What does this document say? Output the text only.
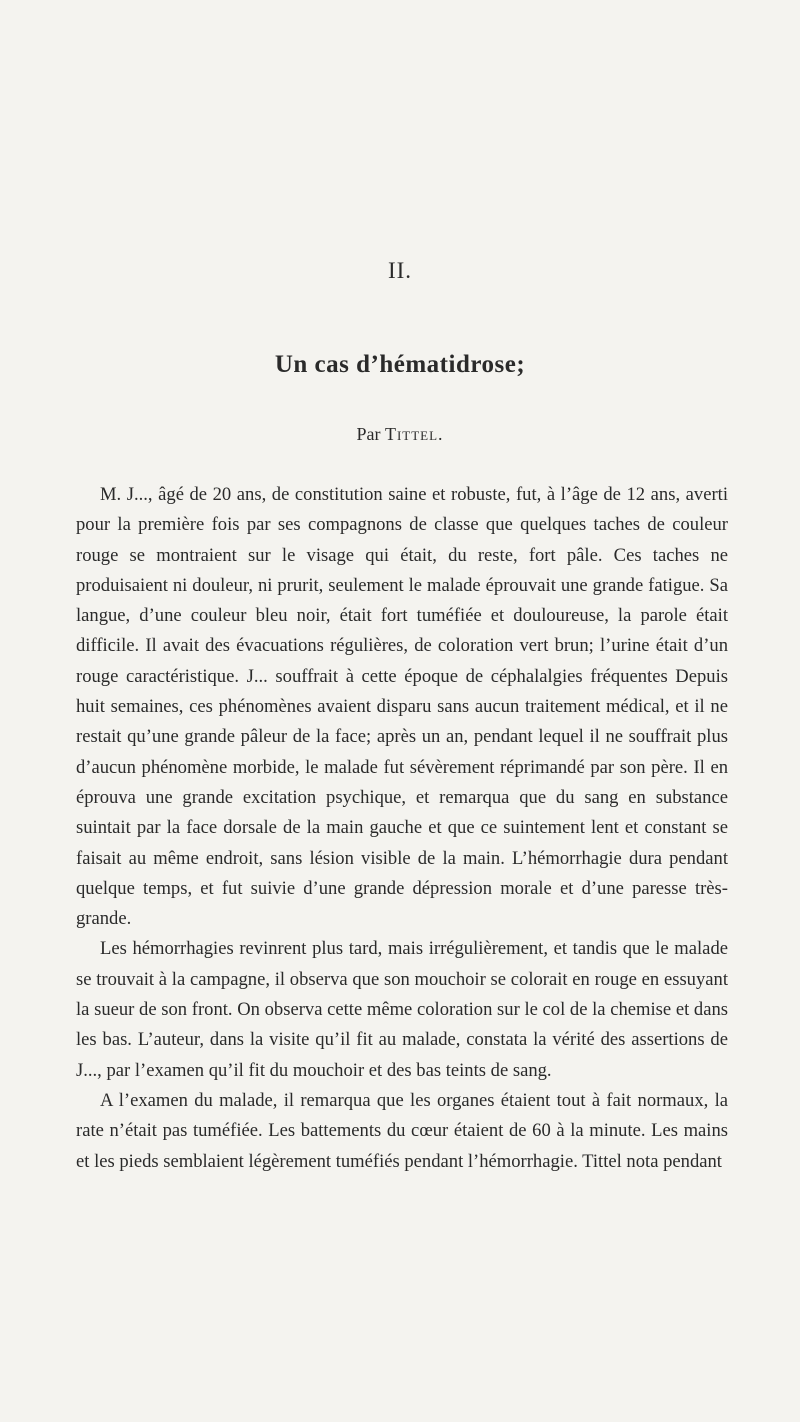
II.
Un cas d’hématidrose;
Par Tittel.

M. J..., âgé de 20 ans, de constitution saine et robuste, fut, à l’âge de 12 ans, averti pour la première fois par ses compagnons de classe que quelques taches de couleur rouge se montraient sur le visage qui était, du reste, fort pâle. Ces taches ne produisaient ni douleur, ni prurit, seulement le malade éprouvait une grande fatigue. Sa langue, d’une couleur bleu noir, était fort tuméfiée et douloureuse, la parole était difficile. Il avait des évacuations régulières, de coloration vert brun; l’urine était d’un rouge caractéristique. J... souffrait à cette époque de céphalalgies fréquentes Depuis huit semaines, ces phénomènes avaient disparu sans aucun traitement médical, et il ne restait qu’une grande pâleur de la face; après un an, pendant lequel il ne souffrait plus d’aucun phénomène morbide, le malade fut sévèrement réprimandé par son père. Il en éprouva une grande excitation psychique, et remarqua que du sang en substance suintait par la face dorsale de la main gauche et que ce suintement lent et constant se faisait au même endroit, sans lésion visible de la main. L’hémorrhagie dura pendant quelque temps, et fut suivie d’une grande dépression morale et d’une paresse très-grande.

Les hémorrhagies revinrent plus tard, mais irrégulièrement, et tandis que le malade se trouvait à la campagne, il observa que son mouchoir se colorait en rouge en essuyant la sueur de son front. On observa cette même coloration sur le col de la chemise et dans les bas. L’auteur, dans la visite qu’il fit au malade, constata la vérité des assertions de J..., par l’examen qu’il fit du mouchoir et des bas teints de sang.

A l’examen du malade, il remarqua que les organes étaient tout à fait normaux, la rate n’était pas tuméfiée. Les battements du cœur étaient de 60 à la minute. Les mains et les pieds semblaient légèrement tuméfiés pendant l’hémorrhagie. Tittel nota pendant
